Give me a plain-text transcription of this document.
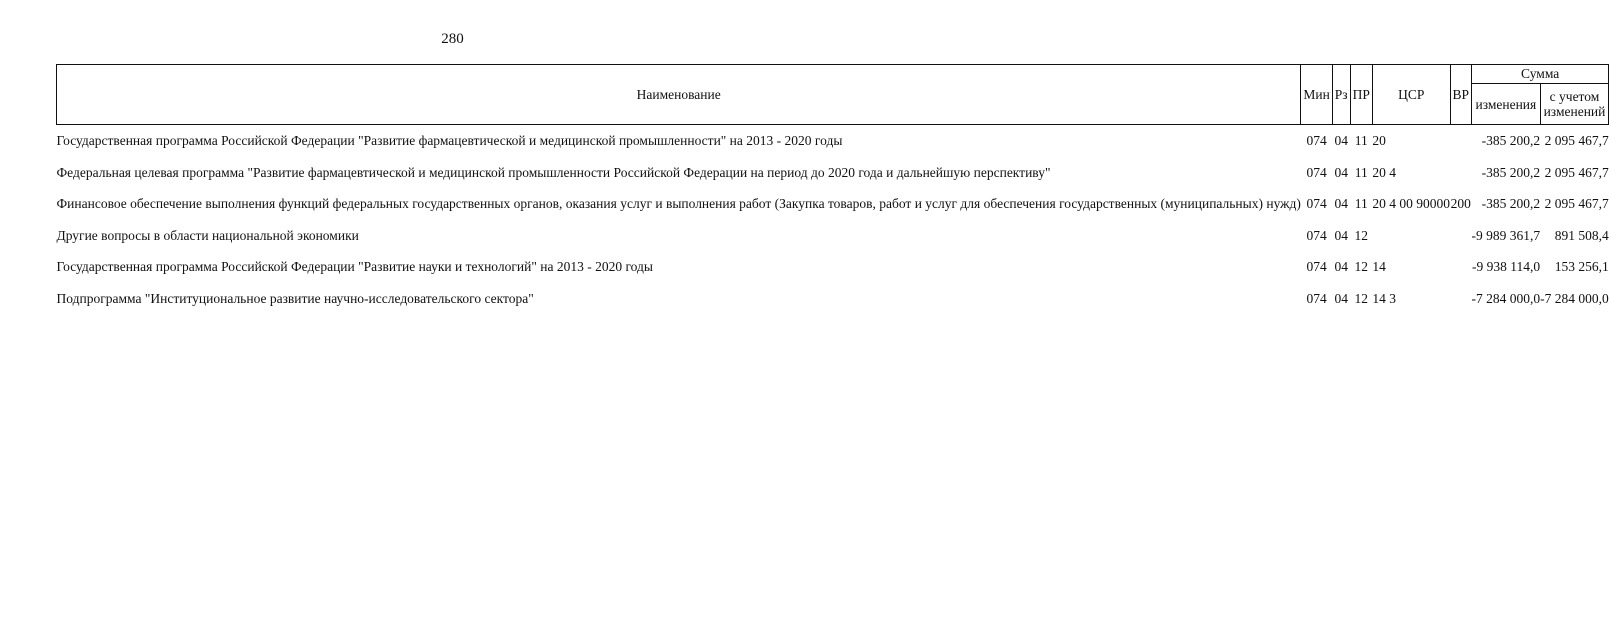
280
Наименование	Мин	Рз	ПР	ЦСР	ВР	Сумма	
						изменения	с учетом изменений
Государственная программа Российской Федерации "Развитие фармацевтической и медицинской промышленности" на 2013 - 2020 годы	074	04	11	20		-385 200,2	2 095 467,7
Федеральная целевая программа "Развитие фармацевтической и медицинской промышленности Российской Федерации на период до 2020 года и дальнейшую перспективу"	074	04	11	20 4		-385 200,2	2 095 467,7
Финансовое обеспечение выполнения функций федеральных государственных органов, оказания услуг и выполнения работ (Закупка товаров, работ и услуг для обеспечения государственных (муниципальных) нужд)	074	04	11	20 4 00 90000	200	-385 200,2	2 095 467,7
Другие вопросы в области национальной экономики	074	04	12			-9 989 361,7	891 508,4
Государственная программа Российской Федерации "Развитие науки и технологий" на 2013 - 2020 годы	074	04	12	14		-9 938 114,0	153 256,1
Подпрограмма "Институциональное развитие научно-исследовательского сектора"	074	04	12	14 3		-7 284 000,0	-7 284 000,0
